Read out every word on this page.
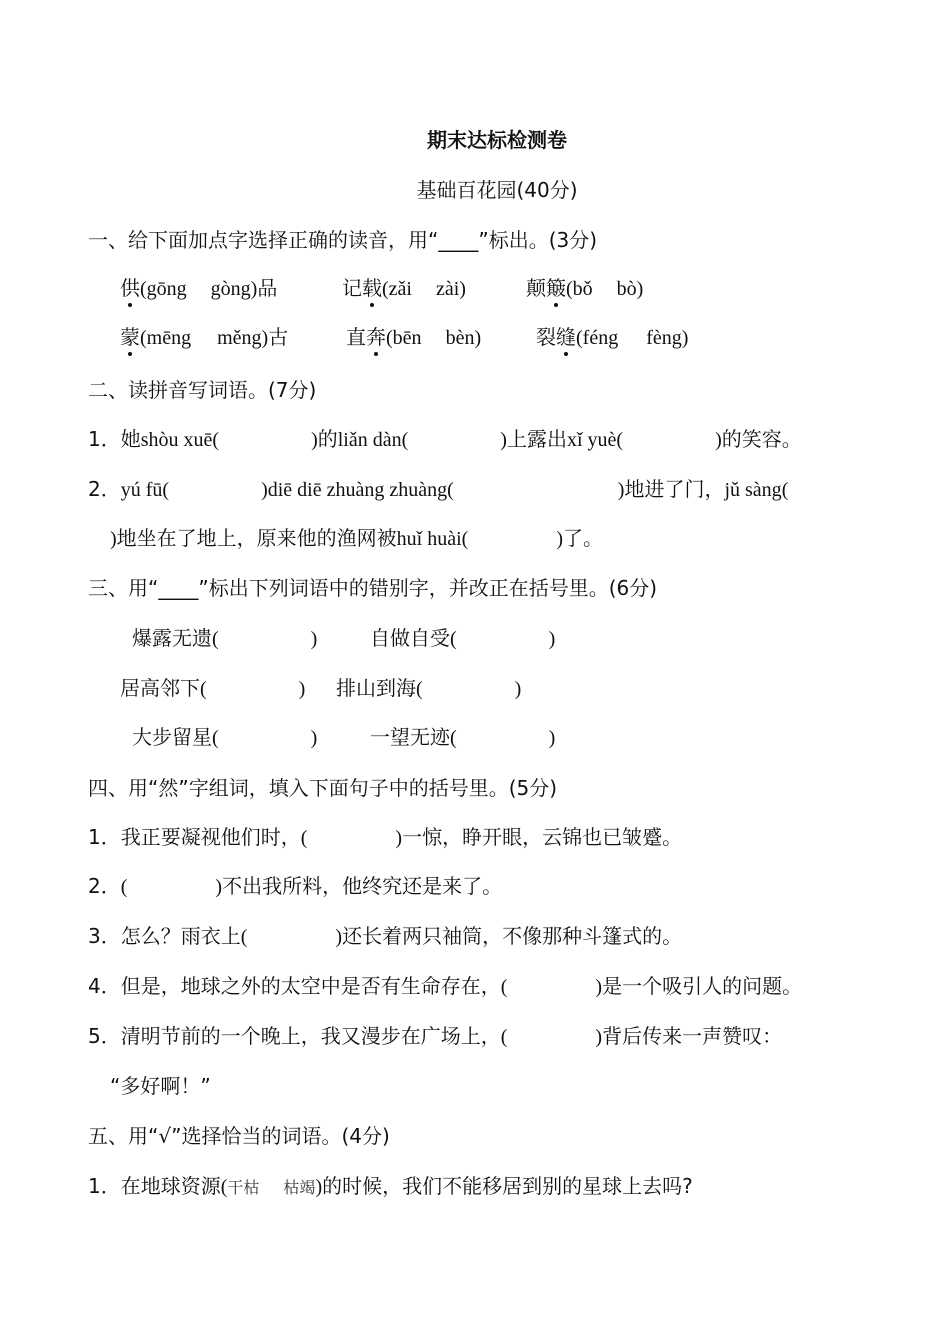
期末达标检测卷
基础百花园(40分)
一、给下面加点字选择正确的读音，用“____”标出。(3分)
供(gōng gòng)品	记载(zǎi zài)	颠簸(bǒ bò)
蒙(mēng měng)古	直奔(bēn bèn)	裂缝(féng fèng)
二、读拼音写词语。(7分)
1．她shòu xuē(	)的liǎn dàn(	)上露出xǐ yuè(	)的笑容。
2．yú fū(	)diē diē zhuàng zhuàng(	)地进了门，jǔ sàng(
)地坐在了地上，原来他的渔网被huǐ huài(	)了。
三、用“____”标出下列词语中的错别字，并改正在括号里。(6分)
爆露无遗(	)	自做自受(	)
居高邻下(	) 排山到海(	)
大步留星(	)	一望无迹(	)
四、用“然”字组词，填入下面句子中的括号里。(5分)
1．我正要凝视他们时，(	)一惊，睁开眼，云锦也已皱蹙。
2．(	)不出我所料，他终究还是来了。
3．怎么？雨衣上(	)还长着两只袖筒，不像那种斗篷式的。
4．但是，地球之外的太空中是否有生命存在，(	)是一个吸引人的问题。
5．清明节前的一个晚上，我又漫步在广场上，(	)背后传来一声赞叹：
“多好啊！”
五、用“√”选择恰当的词语。(4分)
1．在地球资源(干枯 枯竭)的时候，我们不能移居到别的星球上去吗?
